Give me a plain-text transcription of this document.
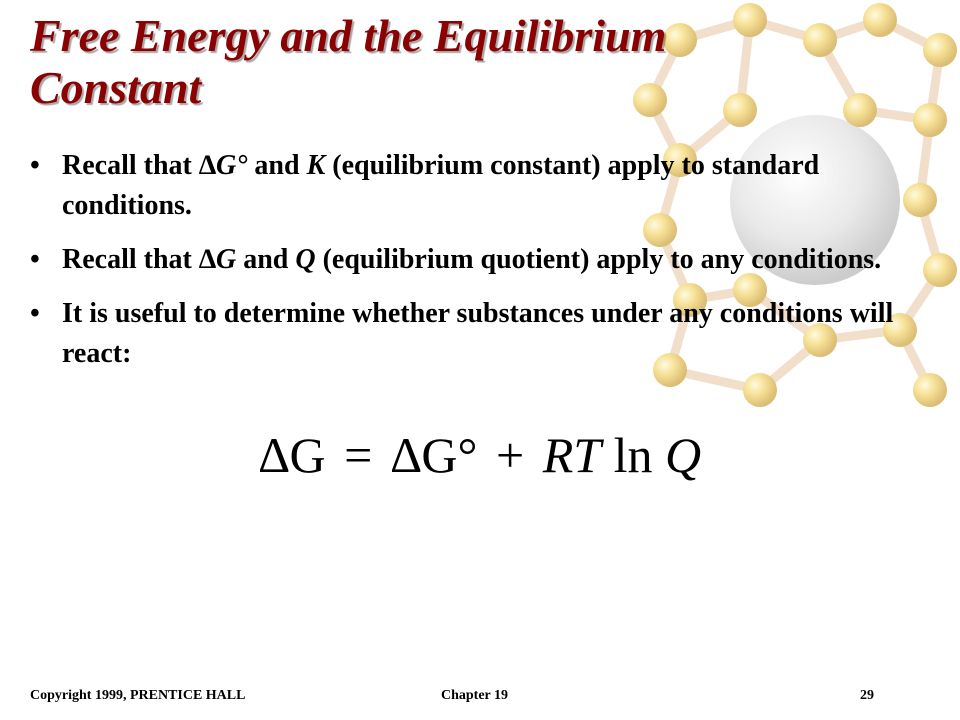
Free Energy and the Equilibrium Constant
• Recall that ∆G° and K (equilibrium constant) apply to standard conditions.
• Recall that ∆G and Q (equilibrium quotient) apply to any conditions.
• It is useful to determine whether substances under any conditions will react:
∆G = ∆G° + RT ln Q
Copyright 1999, PRENTICE HALL	Chapter 19	29
